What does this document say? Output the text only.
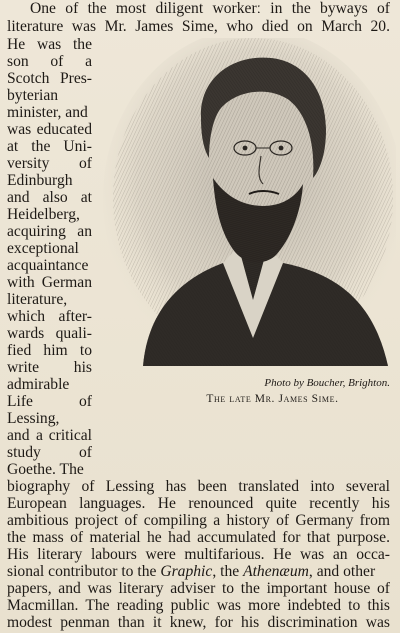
One of the most diligent workerː in the byways of
literature was Mr. James Sime, who died on March 20.
He was the
son of a
Scotch Pres-
byterian
minister, and
was educated
at the Uni-
versity of
Edinburgh
and also at
Heidelberg,
acquiring an
exceptional
acquaintance
with German
literature,
which after-
wards quali-
fied him to
write his
admirable
Life of
Lessing,
and a critical
study of
Goethe. The
Photo by Boucher, Brighton.
The late Mr. James Sime.
biography of Lessing has been translated into several
European languages. He renounced quite recently his
ambitious project of compiling a history of Germany from
the mass of material he had accumulated for that purpose.
His literary labours were multifarious. He was an occa-
sional contributor to the Graphic, the Athenæum, and other
papers, and was literary adviser to the important house of
Macmillan. The reading public was more indebted to this
modest penman than it knew, for his discrimination was
